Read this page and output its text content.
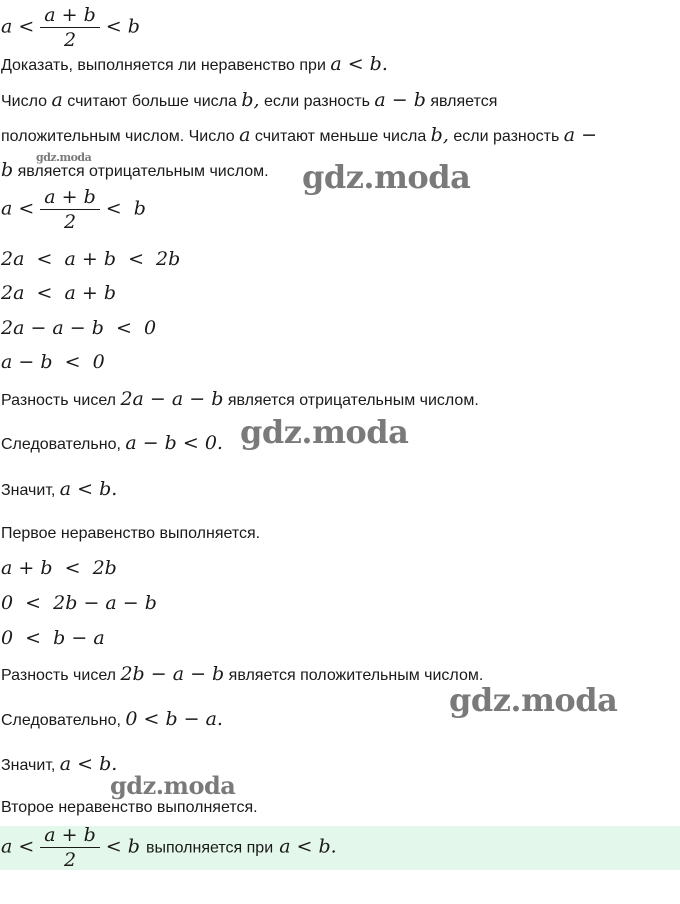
$a < \frac{a + b}{2} < b$
Доказать, выполняется ли неравенство при a < b.
Число a считают больше числа b, если разность a − b является
положительным числом. Число a считают меньше числа b, если разность a −
b является отрицательным числом.
$a < \frac{a + b}{2} < b$
2a  <  a + b  <  2b
2a  <  a + b
2a − a − b  <  0
a − b  <  0
Разность чисел 2a − a − b является отрицательным числом.
Следовательно, a − b < 0.
Значит, a < b.
Первое неравенство выполняется.
a + b  <  2b
0  <  2b − a − b
0  <  b − a
Разность чисел 2b − a − b является положительным числом.
Следовательно, 0 < b − a.
Значит, a < b.
Второе неравенство выполняется.
$a < \frac{a + b}{2} < b$ выполняется при a < b.
gdz.moda
gdz.moda
gdz.moda
gdz.moda
gdz.moda
